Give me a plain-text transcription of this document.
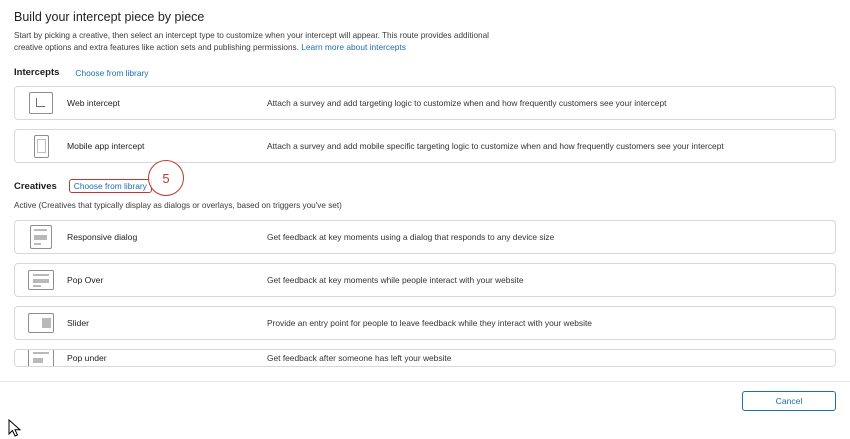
Build your intercept piece by piece
Start by picking a creative, then select an intercept type to customize when your intercept will appear. This route provides additional creative options and extra features like action sets and publishing permissions. Learn more about intercepts
Intercepts Choose from library
Web intercept	Attach a survey and add targeting logic to customize when and how frequently customers see your intercept
Mobile app intercept	Attach a survey and add mobile specific targeting logic to customize when and how frequently customers see your intercept
Creatives	Choose from library
Active (Creatives that typically display as dialogs or overlays, based on triggers you've set)
Responsive dialog	Get feedback at key moments using a dialog that responds to any device size
Pop Over	Get feedback at key moments while people interact with your website
Slider	Provide an entry point for people to leave feedback while they interact with your website
Pop under	Get feedback after someone has left your website
5
Cancel
